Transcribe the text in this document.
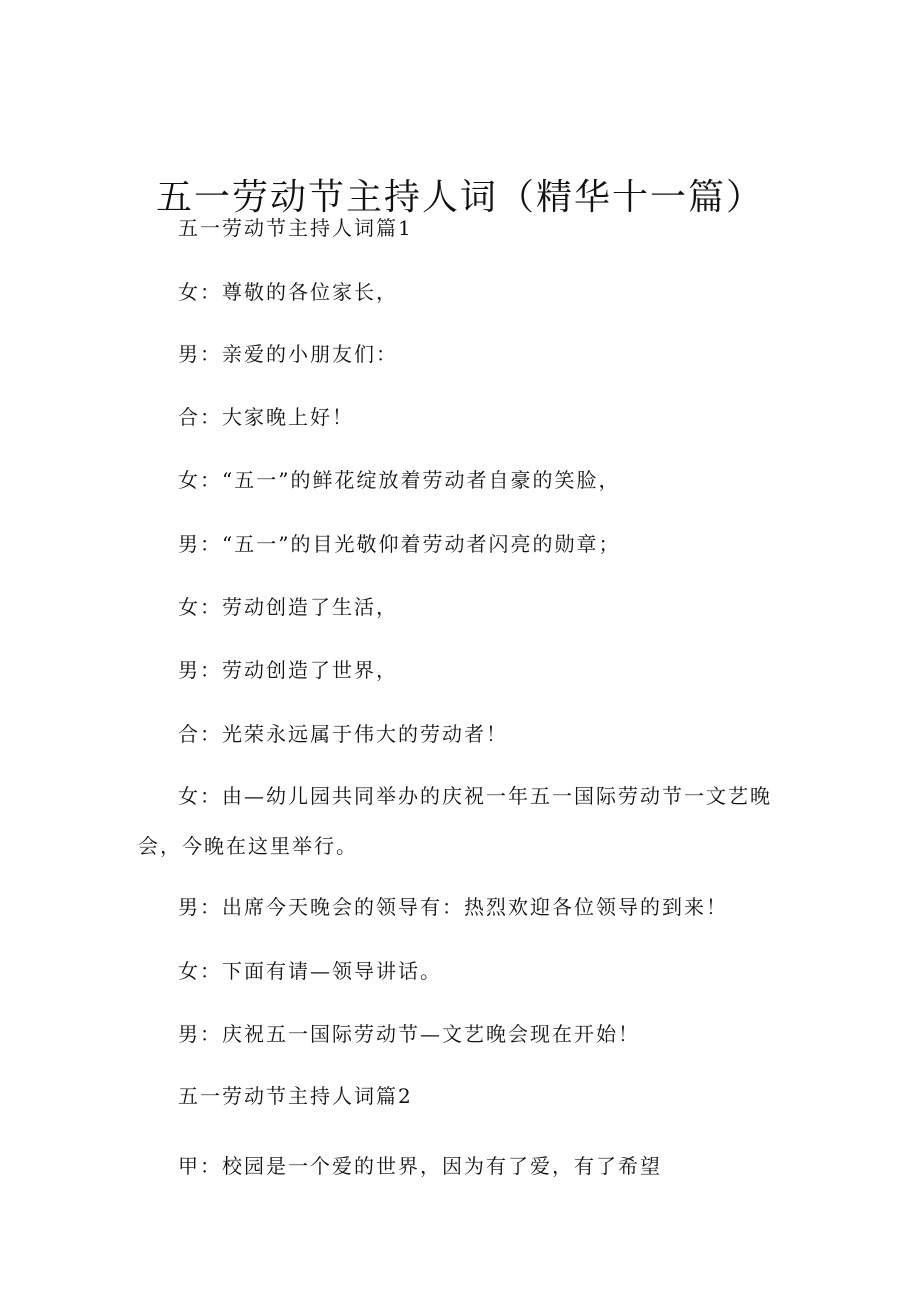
五一劳动节主持人词（精华十一篇）
五一劳动节主持人词篇1
女：尊敬的各位家长，
男：亲爱的小朋友们：
合：大家晚上好！
女：“五一”的鲜花绽放着劳动者自豪的笑脸，
男：“五一”的目光敬仰着劳动者闪亮的勋章；
女：劳动创造了生活，
男：劳动创造了世界，
合：光荣永远属于伟大的劳动者！
女：由—幼儿园共同举办的庆祝一年五一国际劳动节一文艺晚会，今晚在这里举行。
男：出席今天晚会的领导有：热烈欢迎各位领导的到来！
女：下面有请—领导讲话。
男：庆祝五一国际劳动节—文艺晚会现在开始！
五一劳动节主持人词篇2
甲：校园是一个爱的世界，因为有了爱，有了希望
